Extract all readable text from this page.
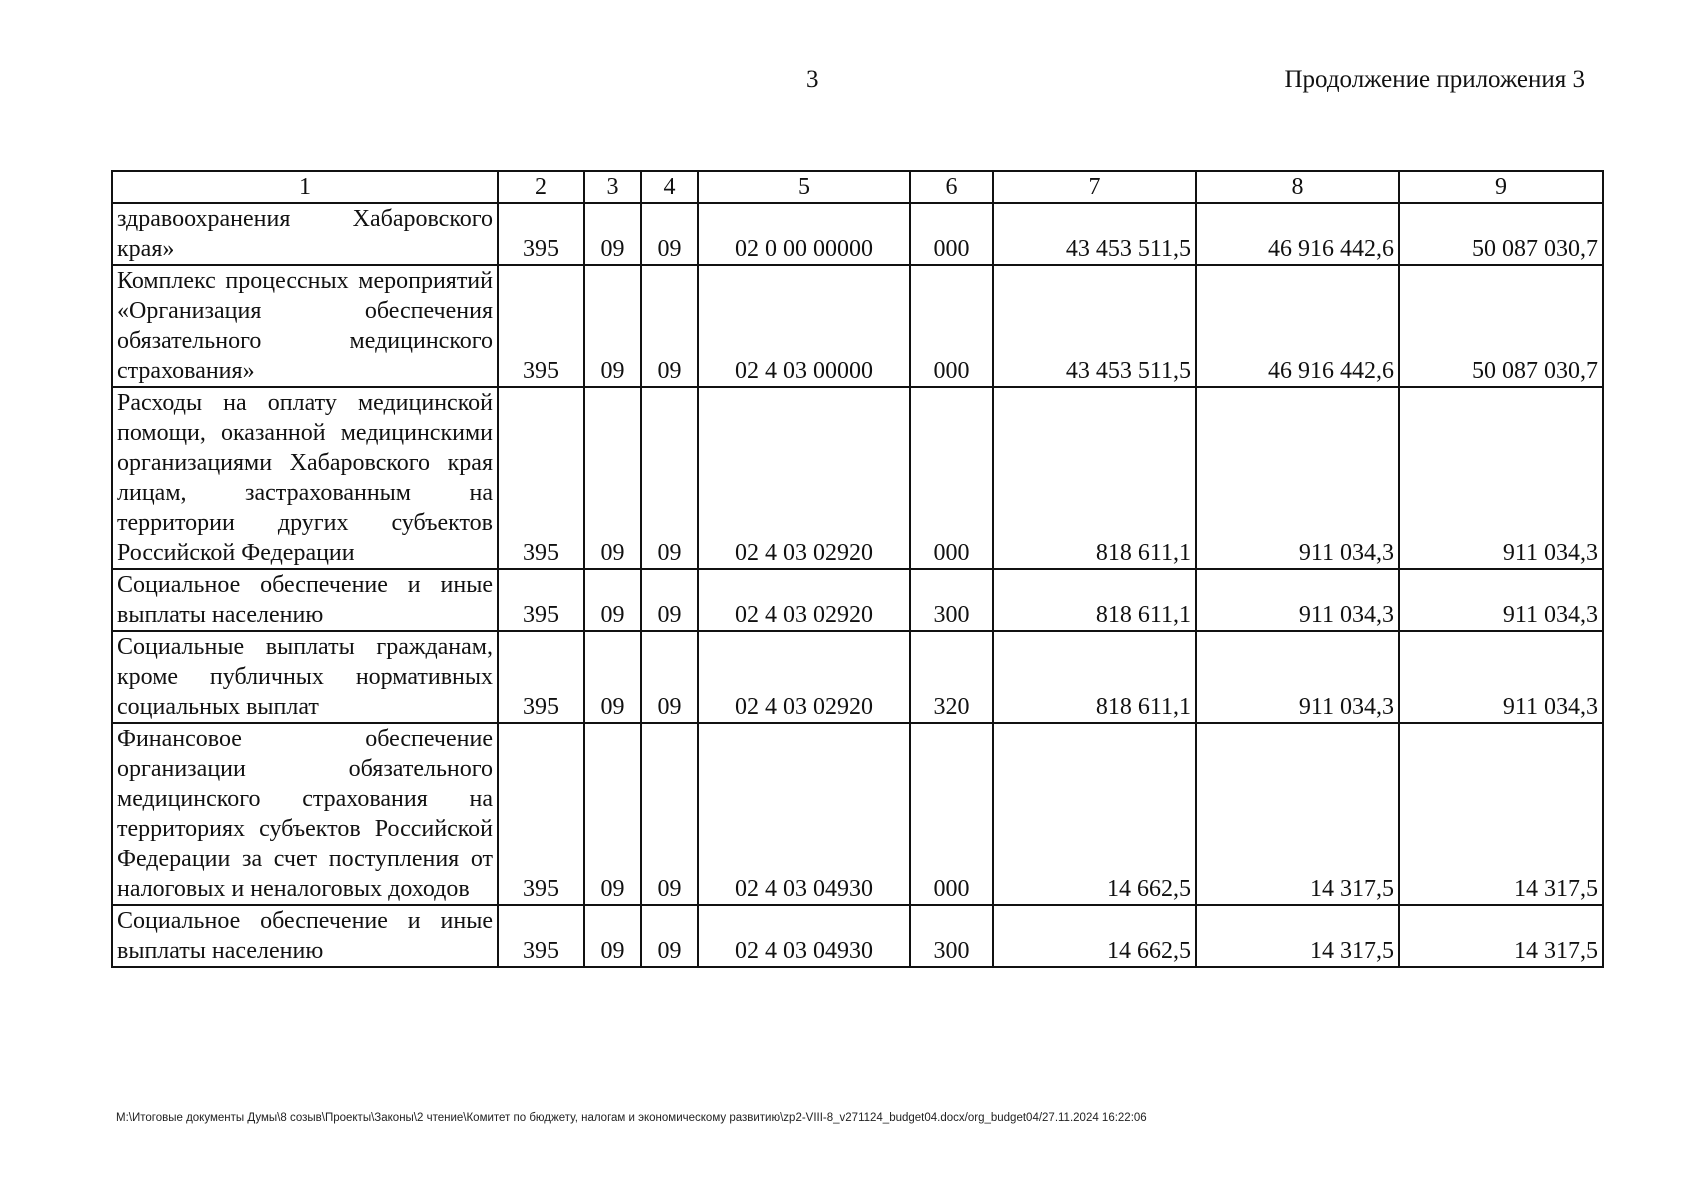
3	Продолжение приложения 3
1	2	3	4	5	6	7	8	9
здравоохранения Хабаровского края»	395	09	09	02 0 00 00000	000	43 453 511,5	46 916 442,6	50 087 030,7
Комплекс процессных мероприятий «Организация обеспечения обязательного медицинского страхования»	395	09	09	02 4 03 00000	000	43 453 511,5	46 916 442,6	50 087 030,7
Расходы на оплату медицинской помощи, оказанной медицинскими организациями Хабаровского края лицам, застрахованным на территории других субъектов Российской Федерации	395	09	09	02 4 03 02920	000	818 611,1	911 034,3	911 034,3
Социальное обеспечение и иные выплаты населению	395	09	09	02 4 03 02920	300	818 611,1	911 034,3	911 034,3
Социальные выплаты гражданам, кроме публичных нормативных социальных выплат	395	09	09	02 4 03 02920	320	818 611,1	911 034,3	911 034,3
Финансовое обеспечение организации обязательного медицинского страхования на территориях субъектов Российской Федерации за счет поступления от налоговых и неналоговых доходов	395	09	09	02 4 03 04930	000	14 662,5	14 317,5	14 317,5
Социальное обеспечение и иные выплаты населению	395	09	09	02 4 03 04930	300	14 662,5	14 317,5	14 317,5
M:\Итоговые документы Думы\8 созыв\Проекты\Законы\2 чтение\Комитет по бюджету, налогам и экономическому развитию\zp2-VIII-8_v271124_budget04.docx/org_budget04/27.11.2024 16:22:06
